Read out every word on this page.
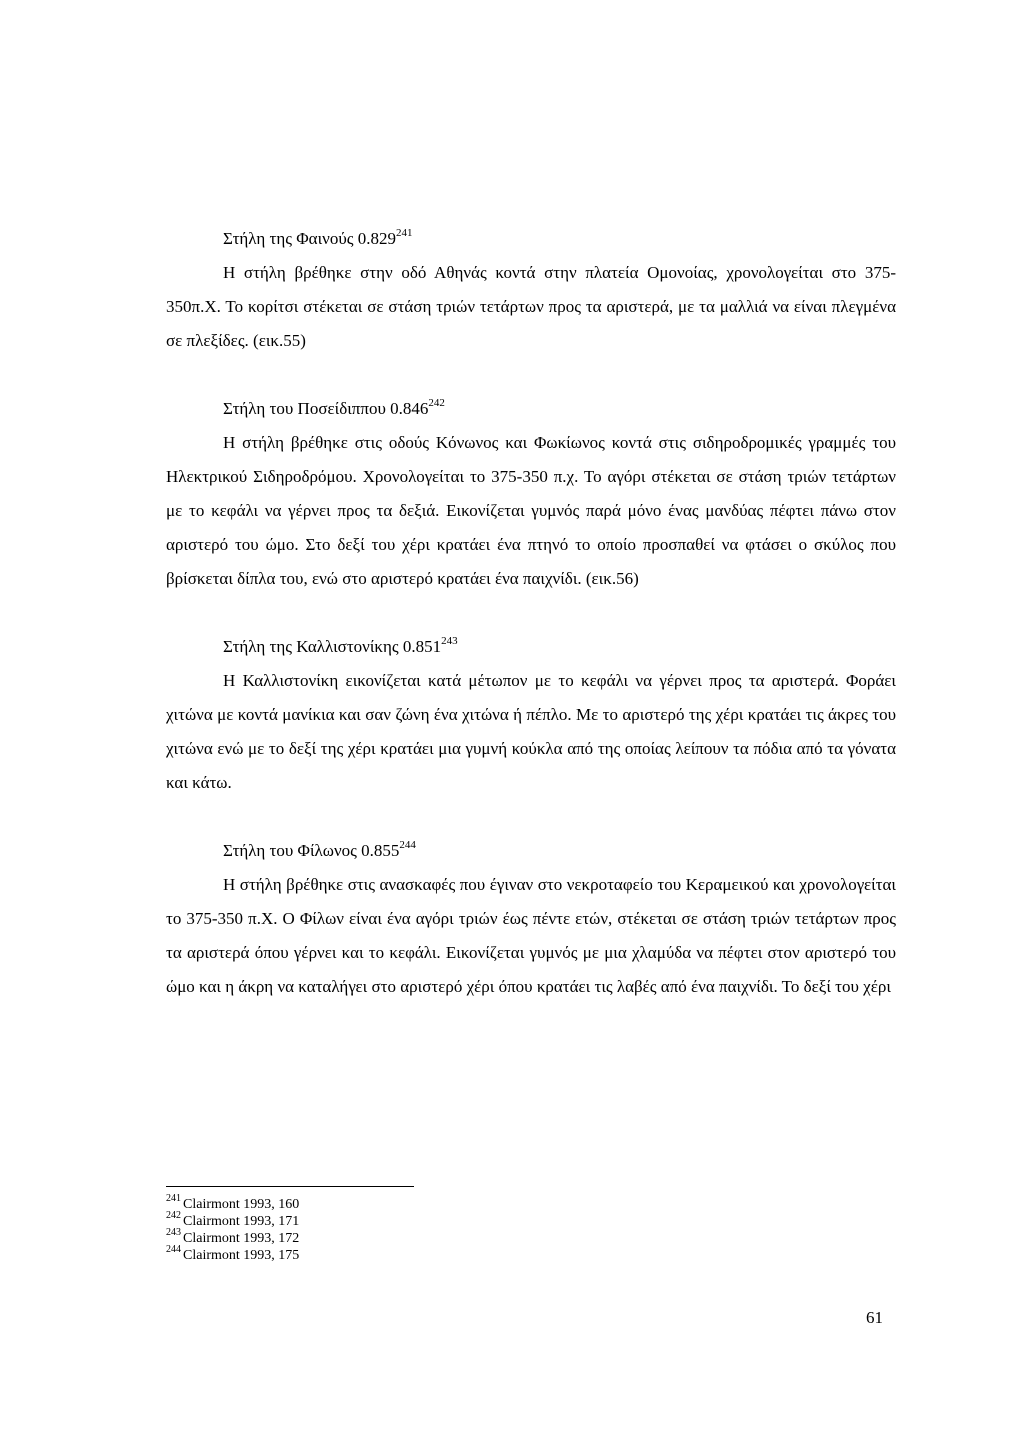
Στήλη της Φαινούς 0.829$^{241}$

Η στήλη βρέθηκε στην οδό Αθηνάς κοντά στην πλατεία Ομονοίας, χρονολογείται στο 375-350π.Χ. Το κορίτσι στέκεται σε στάση τριών τετάρτων προς τα αριστερά, με τα μαλλιά να είναι πλεγμένα σε πλεξίδες. (εικ.55)

Στήλη του Ποσείδιππου 0.846$^{242}$

Η στήλη βρέθηκε στις οδούς Κόνωνος και Φωκίωνος κοντά στις σιδηροδρομικές γραμμές του Ηλεκτρικού Σιδηροδρόμου. Χρονολογείται το 375-350 π.χ. Το αγόρι στέκεται σε στάση τριών τετάρτων με το κεφάλι να γέρνει προς τα δεξιά. Εικονίζεται γυμνός παρά μόνο ένας μανδύας πέφτει πάνω στον αριστερό του ώμο. Στο δεξί του χέρι κρατάει ένα πτηνό το οποίο προσπαθεί να φτάσει ο σκύλος που βρίσκεται δίπλα του, ενώ στο αριστερό κρατάει ένα παιχνίδι. (εικ.56)

Στήλη της Καλλιστονίκης 0.851$^{243}$

Η Καλλιστονίκη εικονίζεται κατά μέτωπον με το κεφάλι να γέρνει προς τα αριστερά. Φοράει χιτώνα με κοντά μανίκια και σαν ζώνη ένα χιτώνα ή πέπλο. Με το αριστερό της χέρι κρατάει τις άκρες του χιτώνα ενώ με το δεξί της χέρι κρατάει μια γυμνή κούκλα από της οποίας λείπουν τα πόδια από τα γόνατα και κάτω.

Στήλη του Φίλωνος 0.855$^{244}$

Η στήλη βρέθηκε στις ανασκαφές που έγιναν στο νεκροταφείο του Κεραμεικού και χρονολογείται το 375-350 π.Χ. Ο Φίλων είναι ένα αγόρι τριών έως πέντε ετών, στέκεται σε στάση τριών τετάρτων προς τα αριστερά όπου γέρνει και το κεφάλι. Εικονίζεται γυμνός με μια χλαμύδα να πέφτει στον αριστερό του ώμο και η άκρη να καταλήγει στο αριστερό χέρι όπου κρατάει τις λαβές από ένα παιχνίδι. Το δεξί του χέρι

$^{241}$ Clairmont 1993, 160
$^{242}$ Clairmont 1993, 171
$^{243}$ Clairmont 1993, 172
$^{244}$ Clairmont 1993, 175
61
